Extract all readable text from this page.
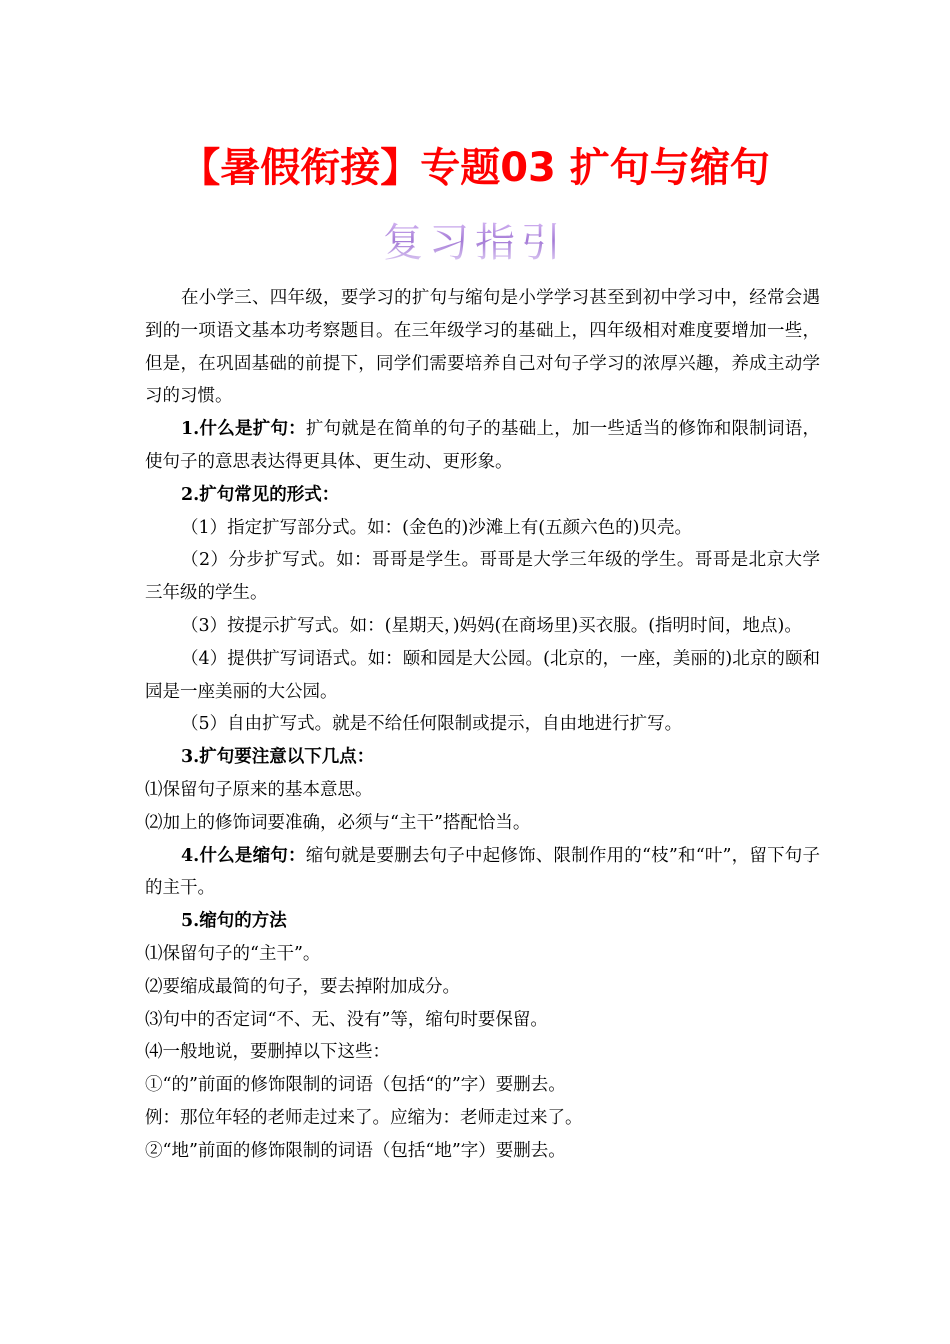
【暑假衔接】专题03 扩句与缩句
复习指引

在小学三、四年级，要学习的扩句与缩句是小学学习甚至到初中学习中，经常会遇到的一项语文基本功考察题目。在三年级学习的基础上，四年级相对难度要增加一些，但是，在巩固基础的前提下，同学们需要培养自己对句子学习的浓厚兴趣，养成主动学习的习惯。

1.什么是扩句：扩句就是在简单的句子的基础上，加一些适当的修饰和限制词语，使句子的意思表达得更具体、更生动、更形象。

2.扩句常见的形式：

（1）指定扩写部分式。如：(金色的)沙滩上有(五颜六色的)贝壳。

（2）分步扩写式。如：哥哥是学生。哥哥是大学三年级的学生。哥哥是北京大学三年级的学生。

（3）按提示扩写式。如：(星期天，)妈妈(在商场里)买衣服。(指明时间，地点)。

（4）提供扩写词语式。如：颐和园是大公园。(北京的，一座，美丽的)北京的颐和园是一座美丽的大公园。

（5）自由扩写式。就是不给任何限制或提示，自由地进行扩写。

3.扩句要注意以下几点：

⑴保留句子原来的基本意思。

⑵加上的修饰词要准确，必须与“主干”搭配恰当。

4.什么是缩句：缩句就是要删去句子中起修饰、限制作用的“枝”和“叶”，留下句子的主干。

5.缩句的方法

⑴保留句子的“主干”。

⑵要缩成最简的句子，要去掉附加成分。

⑶句中的否定词“不、无、没有”等，缩句时要保留。

⑷一般地说，要删掉以下这些：

①“的”前面的修饰限制的词语（包括“的”字）要删去。

例：那位年轻的老师走过来了。应缩为：老师走过来了。

②“地”前面的修饰限制的词语（包括“地”字）要删去。
